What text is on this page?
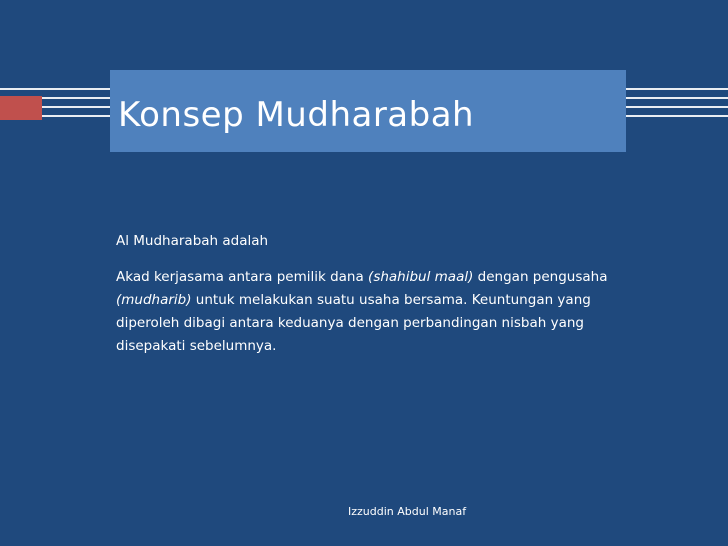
Konsep Mudharabah

Al Mudharabah adalah

Akad kerjasama antara pemilik dana (shahibul maal) dengan pengusaha (mudharib) untuk melakukan suatu usaha bersama. Keuntungan yang diperoleh dibagi antara keduanya dengan perbandingan nisbah yang disepakati sebelumnya.

Izzuddin Abdul Manaf
